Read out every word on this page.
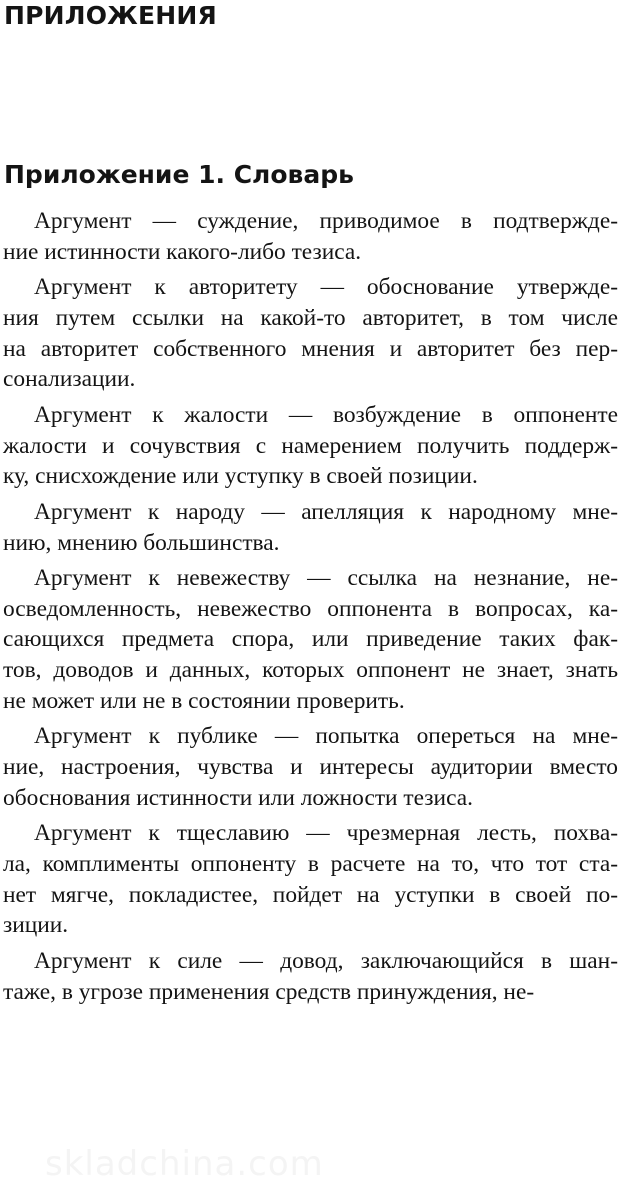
ПРИЛОЖЕНИЯ
Приложение 1. Словарь
Аргумент — суждение, приводимое в подтвержде-
ние истинности какого-либо тезиса.
Аргумент к авторитету — обоснование утвержде-
ния путем ссылки на какой-то авторитет, в том числе
на авторитет собственного мнения и авторитет без пер-
сонализации.
Аргумент к жалости — возбуждение в оппоненте
жалости и сочувствия с намерением получить поддерж-
ку, снисхождение или уступку в своей позиции.
Аргумент к народу — апелляция к народному мне-
нию, мнению большинства.
Аргумент к невежеству — ссылка на незнание, не-
осведомленность, невежество оппонента в вопросах, ка-
сающихся предмета спора, или приведение таких фак-
тов, доводов и данных, которых оппонент не знает, знать
не может или не в состоянии проверить.
Аргумент к публике — попытка опереться на мне-
ние, настроения, чувства и интересы аудитории вместо
обоснования истинности или ложности тезиса.
Аргумент к тщеславию — чрезмерная лесть, похва-
ла, комплименты оппоненту в расчете на то, что тот ста-
нет мягче, покладистее, пойдет на уступки в своей по-
зиции.
Аргумент к силе — довод, заключающийся в шан-
таже, в угрозе применения средств принуждения, не-
skladchina.com
